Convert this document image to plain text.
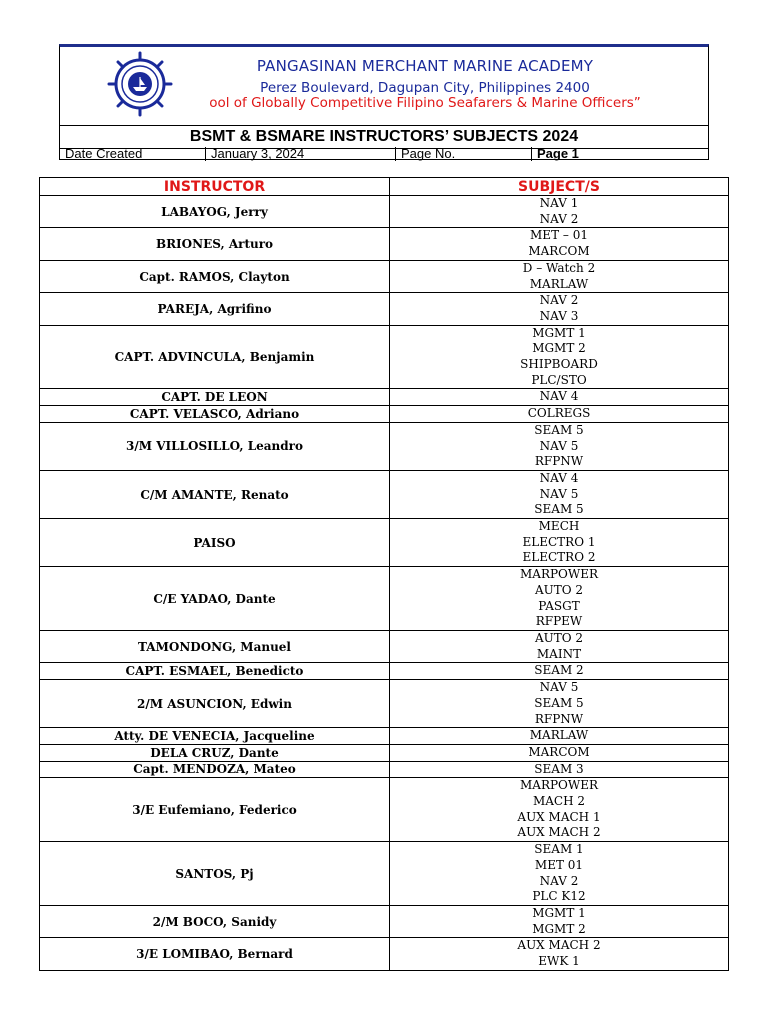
PANGASINAN MERCHANT MARINE ACADEMY
Perez Boulevard, Dagupan City, Philippines 2400
ool of Globally Competitive Filipino Seafarers & Marine Officers”
BSMT & BSMARE INSTRUCTORS’ SUBJECTS 2024
Date Created	January 3, 2024	Page No.	Page 1
INSTRUCTOR	SUBJECT/S
LABAYOG, Jerry	NAV 1
NAV 2

BRIONES, Arturo	MET – 01
MARCOM

Capt. RAMOS, Clayton	D – Watch 2
MARLAW

PAREJA, Agrifino	NAV 2
NAV 3

CAPT. ADVINCULA, Benjamin	MGMT 1
MGMT 2
SHIPBOARD
PLC/STO

CAPT. DE LEON	NAV 4

CAPT. VELASCO, Adriano	COLREGS

3/M VILLOSILLO, Leandro	SEAM 5
NAV 5
RFPNW

C/M AMANTE, Renato	NAV 4
NAV 5
SEAM 5

PAISO	MECH
ELECTRO 1
ELECTRO 2

C/E YADAO, Dante	MARPOWER
AUTO 2
PASGT
RFPEW

TAMONDONG, Manuel	AUTO 2
MAINT

CAPT. ESMAEL, Benedicto	SEAM 2

2/M ASUNCION, Edwin	NAV 5
SEAM 5
RFPNW

Atty. DE VENECIA, Jacqueline	MARLAW

DELA CRUZ, Dante	MARCOM

Capt. MENDOZA, Mateo	SEAM 3

3/E Eufemiano, Federico	MARPOWER
MACH 2
AUX MACH 1
AUX MACH 2

SANTOS, Pj	SEAM 1
MET 01
NAV 2
PLC K12

2/M BOCO, Sanidy	MGMT 1
MGMT 2

3/E LOMIBAO, Bernard	AUX MACH 2
EWK 1
